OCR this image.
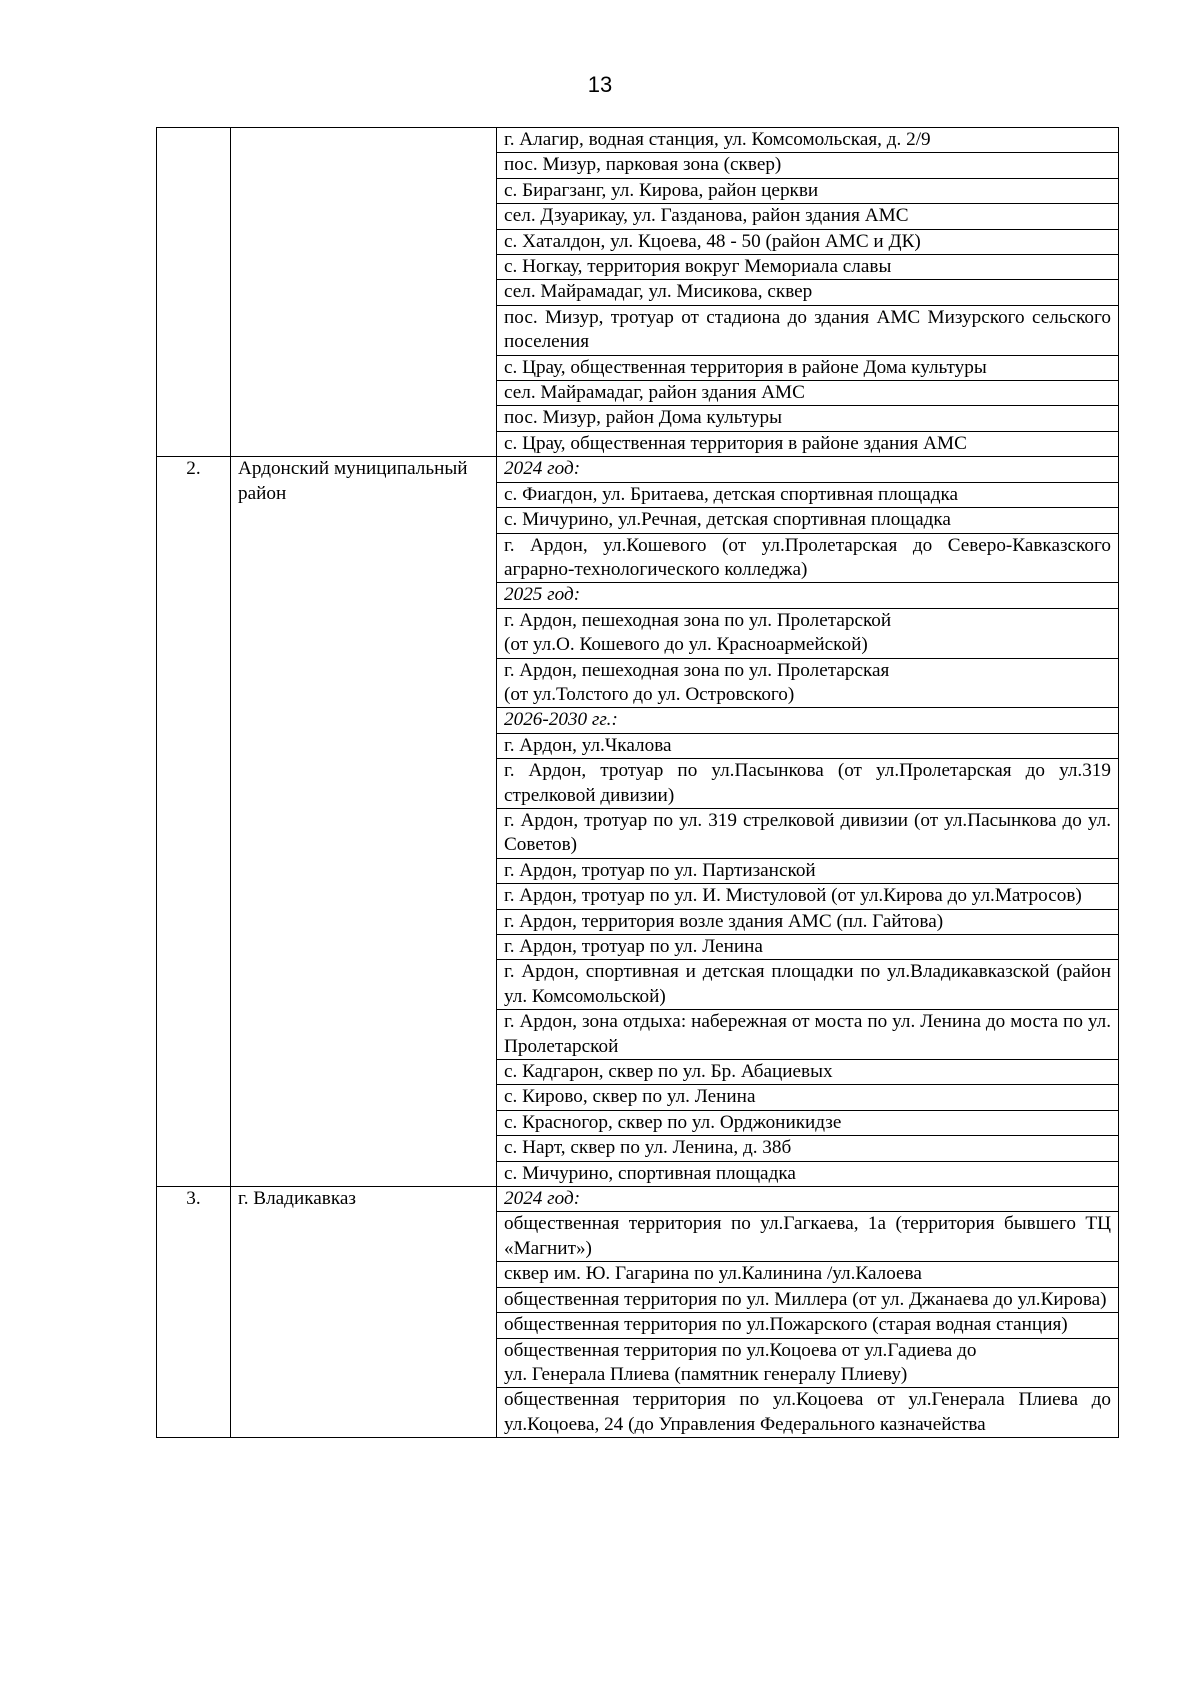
13
		г. Алагир, водная станция, ул. Комсомольская, д. 2/9
		пос. Мизур, парковая зона (сквер)
		с. Бирагзанг, ул. Кирова, район церкви
		сел. Дзуарикау, ул. Газданова, район здания АМС
		с. Хаталдон, ул. Кцоева, 48 - 50 (район АМС и ДК)
		с. Ногкау, территория вокруг Мемориала славы
		сел. Майрамадаг, ул. Мисикова, сквер
		пос. Мизур, тротуар от стадиона до здания АМС Мизурского сельского поселения
		с. Црау, общественная территория в районе Дома культуры
		сел. Майрамадаг, район здания АМС
		пос. Мизур, район Дома культуры
		с. Црау, общественная территория в районе здания АМС
2.	Ардонский муниципальный район	2024 год:
		с. Фиагдон, ул. Бритаева, детская спортивная площадка
		с. Мичурино, ул.Речная, детская спортивная площадка
		г. Ардон, ул.Кошевого (от ул.Пролетарская до Северо-Кавказского аграрно-технологического колледжа)
		2025 год:
		г. Ардон, пешеходная зона по ул. Пролетарской
(от ул.О. Кошевого до ул. Красноармейской)
		г. Ардон, пешеходная зона по ул. Пролетарская
(от ул.Толстого до ул. Островского)
		2026-2030 гг.:
		г. Ардон, ул.Чкалова
		г. Ардон, тротуар по ул.Пасынкова (от ул.Пролетарская до ул.319 стрелковой дивизии)
		г. Ардон, тротуар по ул. 319 стрелковой дивизии (от ул.Пасынкова до ул. Советов)
		г. Ардон, тротуар по ул. Партизанской
		г. Ардон, тротуар по ул. И. Мистуловой (от ул.Кирова до ул.Матросов)
		г. Ардон, территория возле здания АМС (пл. Гайтова)
		г. Ардон, тротуар по ул. Ленина
		г. Ардон, спортивная и детская площадки по ул.Владикавказской (район ул. Комсомольской)
		г. Ардон, зона отдыха: набережная от моста по ул. Ленина до моста по ул. Пролетарской
		с. Кадгарон, сквер по ул. Бр. Абациевых
		с. Кирово, сквер по ул. Ленина
		с. Красногор, сквер по ул. Орджоникидзе
		с. Нарт, сквер по ул. Ленина, д. 38б
		с. Мичурино, спортивная площадка
3.	г. Владикавказ	2024 год:
		общественная территория по ул.Гагкаева, 1а (территория бывшего ТЦ «Магнит»)
		сквер им. Ю. Гагарина по ул.Калинина /ул.Калоева
		общественная территория по ул. Миллера (от ул. Джанаева до ул.Кирова)
		общественная территория по ул.Пожарского (старая водная станция)
		общественная территория по ул.Коцоева от ул.Гадиева до
ул. Генерала Плиева (памятник генералу Плиеву)
		общественная территория по ул.Коцоева от ул.Генерала Плиева до ул.Коцоева, 24 (до Управления Федерального казначейства
